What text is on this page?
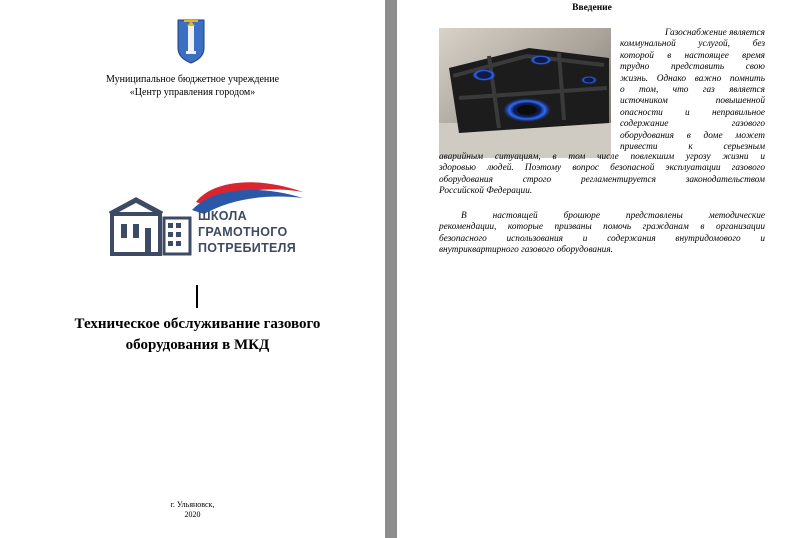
Муниципальное бюджетное учреждение
«Центр управления городом»
ШКОЛА
ГРАМОТНОГО
ПОТРЕБИТЕЛЯ
Техническое обслуживание газового
оборудования в МКД
г. Ульяновск,
2020
Введение
Газоснабжение является
коммунальной услугой, без
которой в настоящее время
трудно представить свою
жизнь. Однако важно помнить
о том, что газ является
источником повышенной
опасности и неправильное
содержание газового
оборудования в доме может
привести к серьезным
аварийным ситуациям, в том числе повлекшим угрозу жизни и
здоровью людей. Поэтому вопрос безопасной эксплуатации газового
оборудования строго регламентируется законодательством
Российской Федерации.
В настоящей брошюре представлены методические
рекомендации, которые призваны помочь гражданам в организации
безопасного использования и содержания внутридомового и
внутриквартирного газового оборудования.
